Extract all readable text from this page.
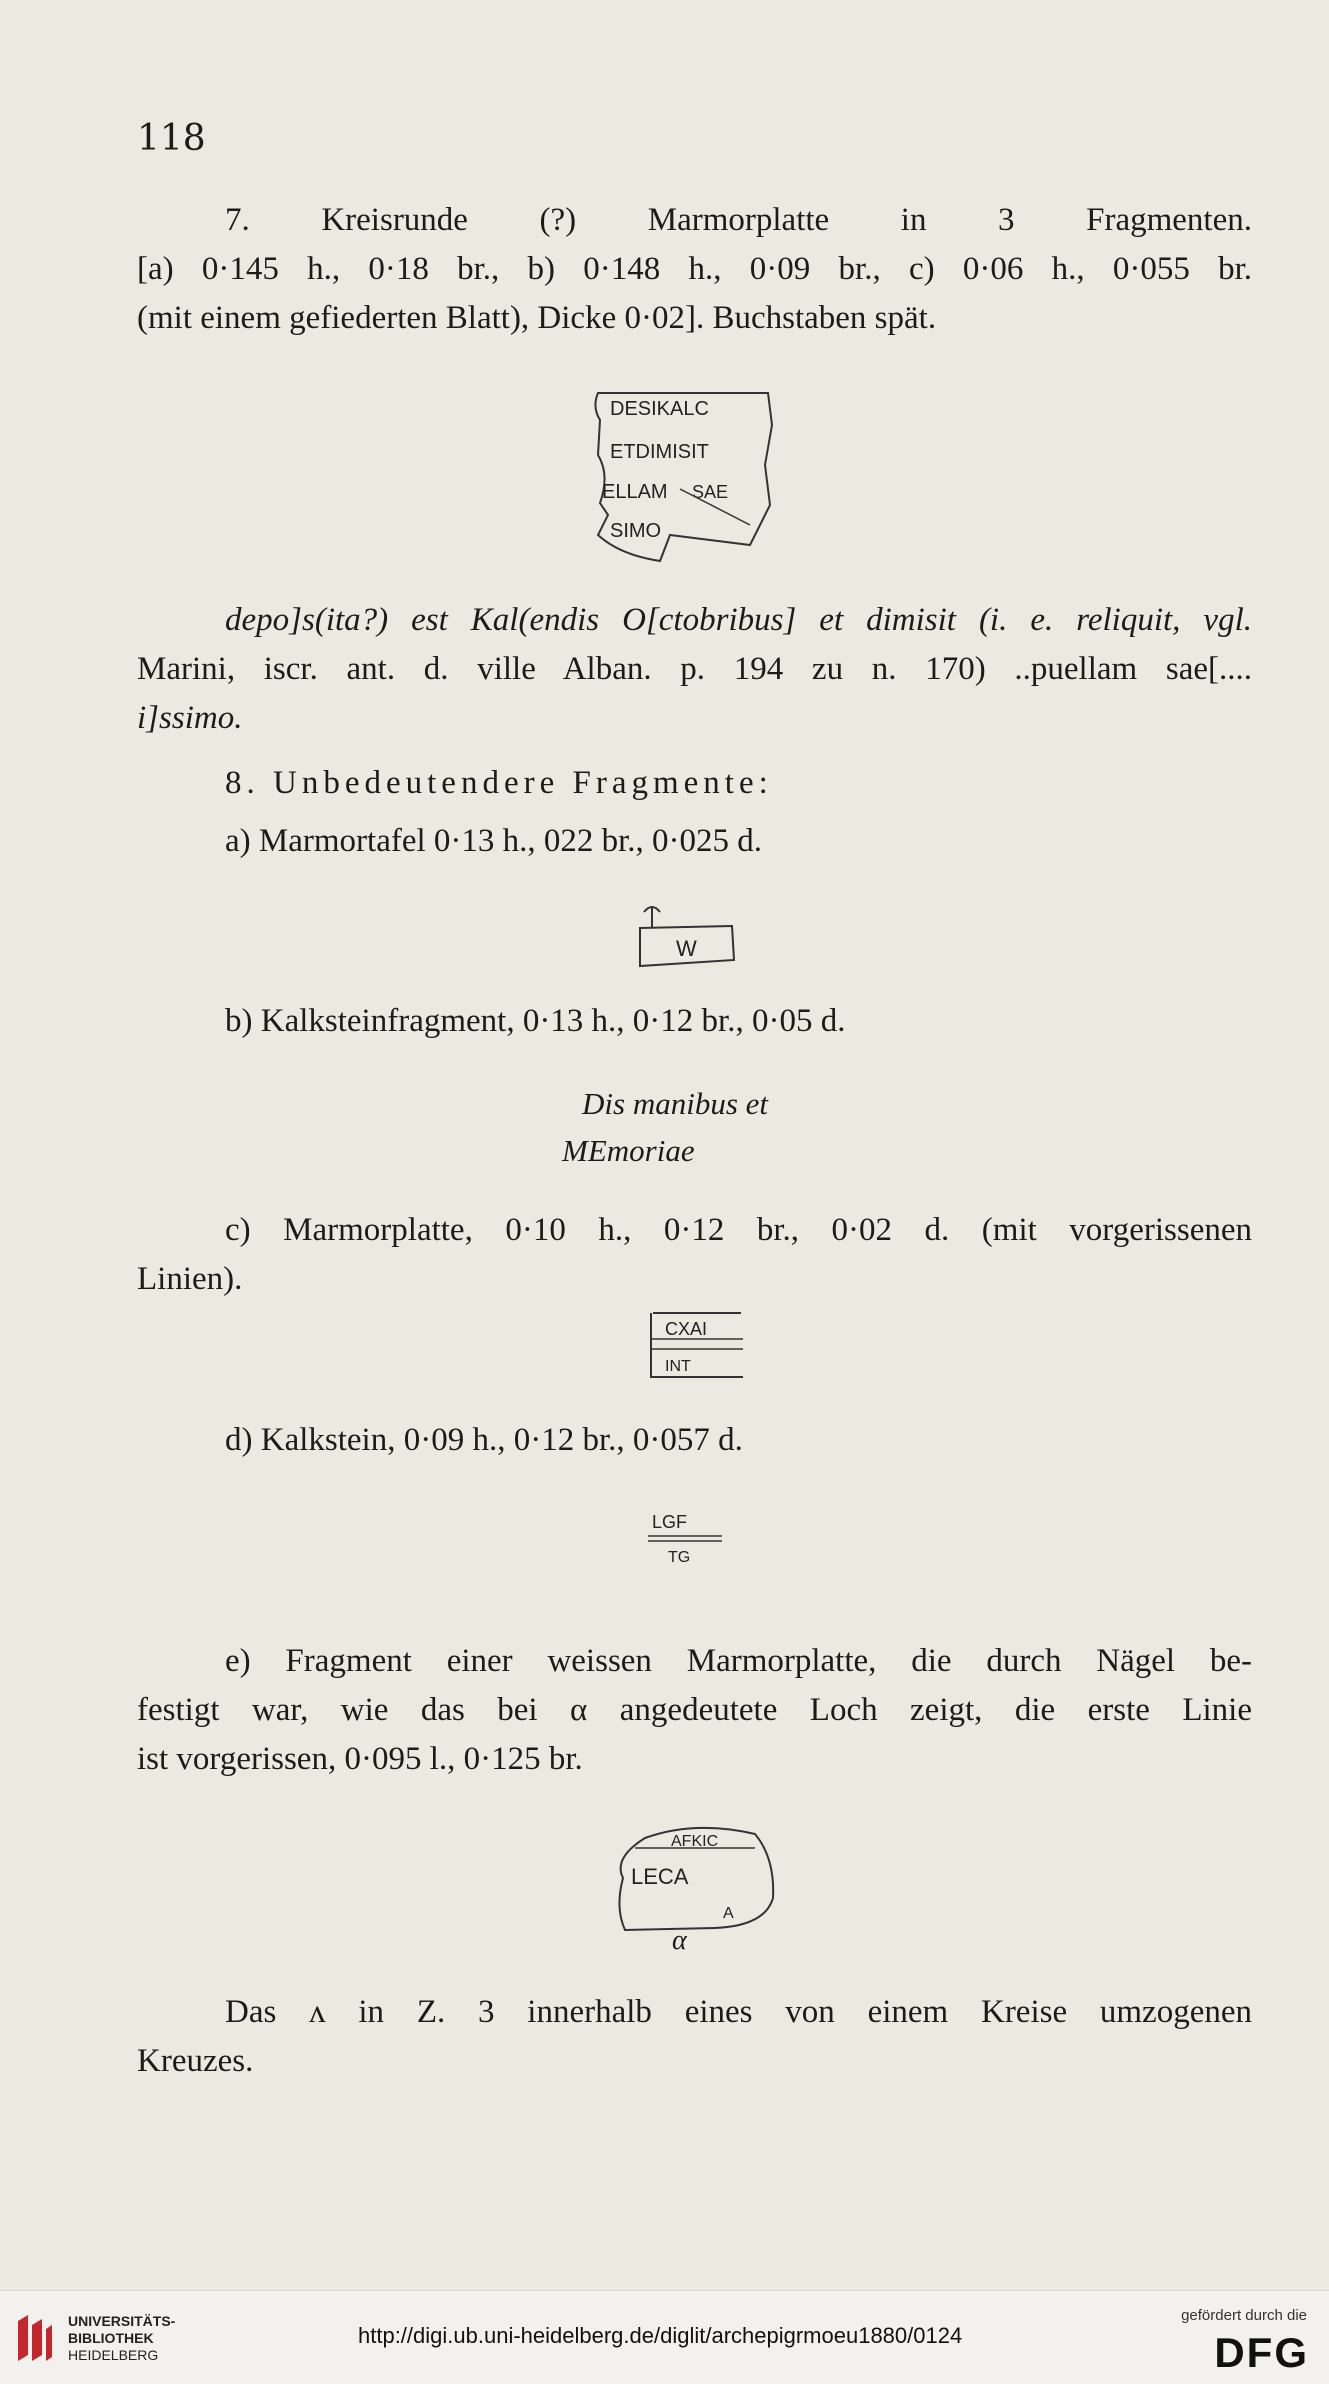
118

7. Kreisrunde (?) Marmorplatte in 3 Fragmenten.

[a) 0·145 h., 0·18 br., b) 0·148 h., 0·09 br., c) 0·06 h., 0·055 br.

(mit einem gefiederten Blatt), Dicke 0·02]. Buchstaben spät.

DESIKALC
ETDIMISIT
ELLAM SAE
SIMO

depo]s(ita?) est Kal(endis O[ctobribus] et dimisit (i. e. reliquit, vgl.

Marini, iscr. ant. d. ville Alban. p. 194 zu n. 170) ..puellam sae[....

i]ssimo.

8. Unbedeutendere Fragmente:

a) Marmortafel 0·13 h., 022 br., 0·025 d.

W

b) Kalksteinfragment, 0·13 h., 0·12 br., 0·05 d.

Dis manibus et
MEmoriae

c) Marmorplatte, 0·10 h., 0·12 br., 0·02 d. (mit vorgerissenen

Linien).

CXAI
INT

d) Kalkstein, 0·09 h., 0·12 br., 0·057 d.

LGF
TG

e) Fragment einer weissen Marmorplatte, die durch Nägel be-

festigt war, wie das bei α angedeutete Loch zeigt, die erste Linie

ist vorgerissen, 0·095 l., 0·125 br.

AFKIC
LECA
A
α

Das ʌ in Z. 3 innerhalb eines von einem Kreise umzogenen

Kreuzes.

UNIVERSITÄTS-
BIBLIOTHEK
HEIDELBERG
http://digi.ub.uni-heidelberg.de/diglit/archepigrmoeu1880/0124
gefördert durch die
DFG
